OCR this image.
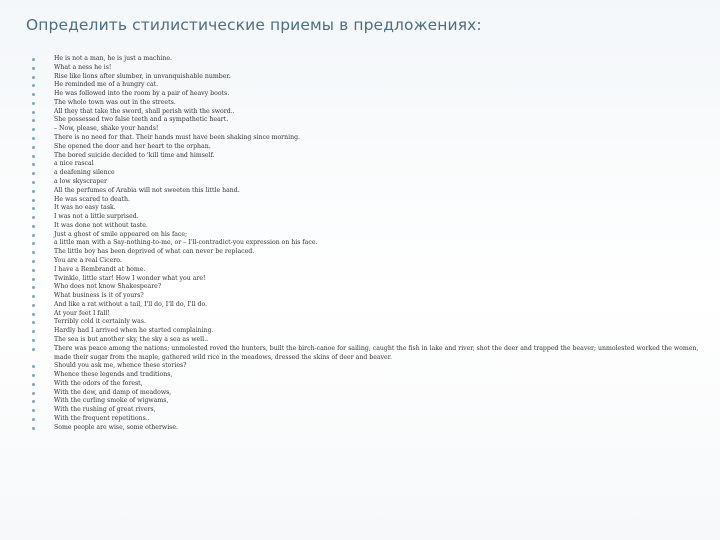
Определить стилистические приемы в предложениях:
He is not a man, he is just a machine.
What a ness he is!
Rise like lions after slumber, in unvanquishable number.
He reminded me of a hungry cat.
He was followed into the room by a pair of heavy boots.
The whole town was out in the streets.
All they that take the sword, shall perish with the sword..
She possessed two false teeth and a sympathetic heart.
– Now, please, shake your hands!
There is no need for that. Their hands must have been shaking since morning.
She opened the door and her heart to the orphan.
The bored suicide decided to 'kill time and himself.
a nice rascal
a deafening silence
a low skyscraper
All the perfumes of Arabia will not sweeten this little hand.
He was scared to death.
It was no easy task.
I was not a little surprised.
It was done not without taste.
Just a ghost of smile appeared on his face;
a little man with a Say-nothing-to-me, or – I'll-contradict-you expression on his face.
The little boy has been deprived of what can never be replaced.
You are a real Cicero.
I have a Rembrandt at home.
Twinkle, little star! How I wonder what you are!
Who does not know Shakespeare?
What business is it of yours?
And like a rat without a tail, I'll do, I'll do, I'll do.
At your feet I fall!
Terribly cold it certainly was.
Hardly had I arrived when he started complaining.
The sea is but another sky, the sky a sea as well..
There was peace among the nations; unmolested roved the hunters, built the birch-canoe for sailing, caught the fish in lake and river, shot the deer and trapped the beaver; unmolested worked the women, made their sugar from the maple, gathered wild rice in the meadows, dressed the skins of deer and beaver.
Should you ask me, whence these stories?
Whence these legends and traditions,
With the odors of the forest,
With the dew, and damp of meadows,
With the curling smoke of wigwams,
With the rushing of great rivers,
With the frequent repetitions..
Some people are wise, some otherwise.
